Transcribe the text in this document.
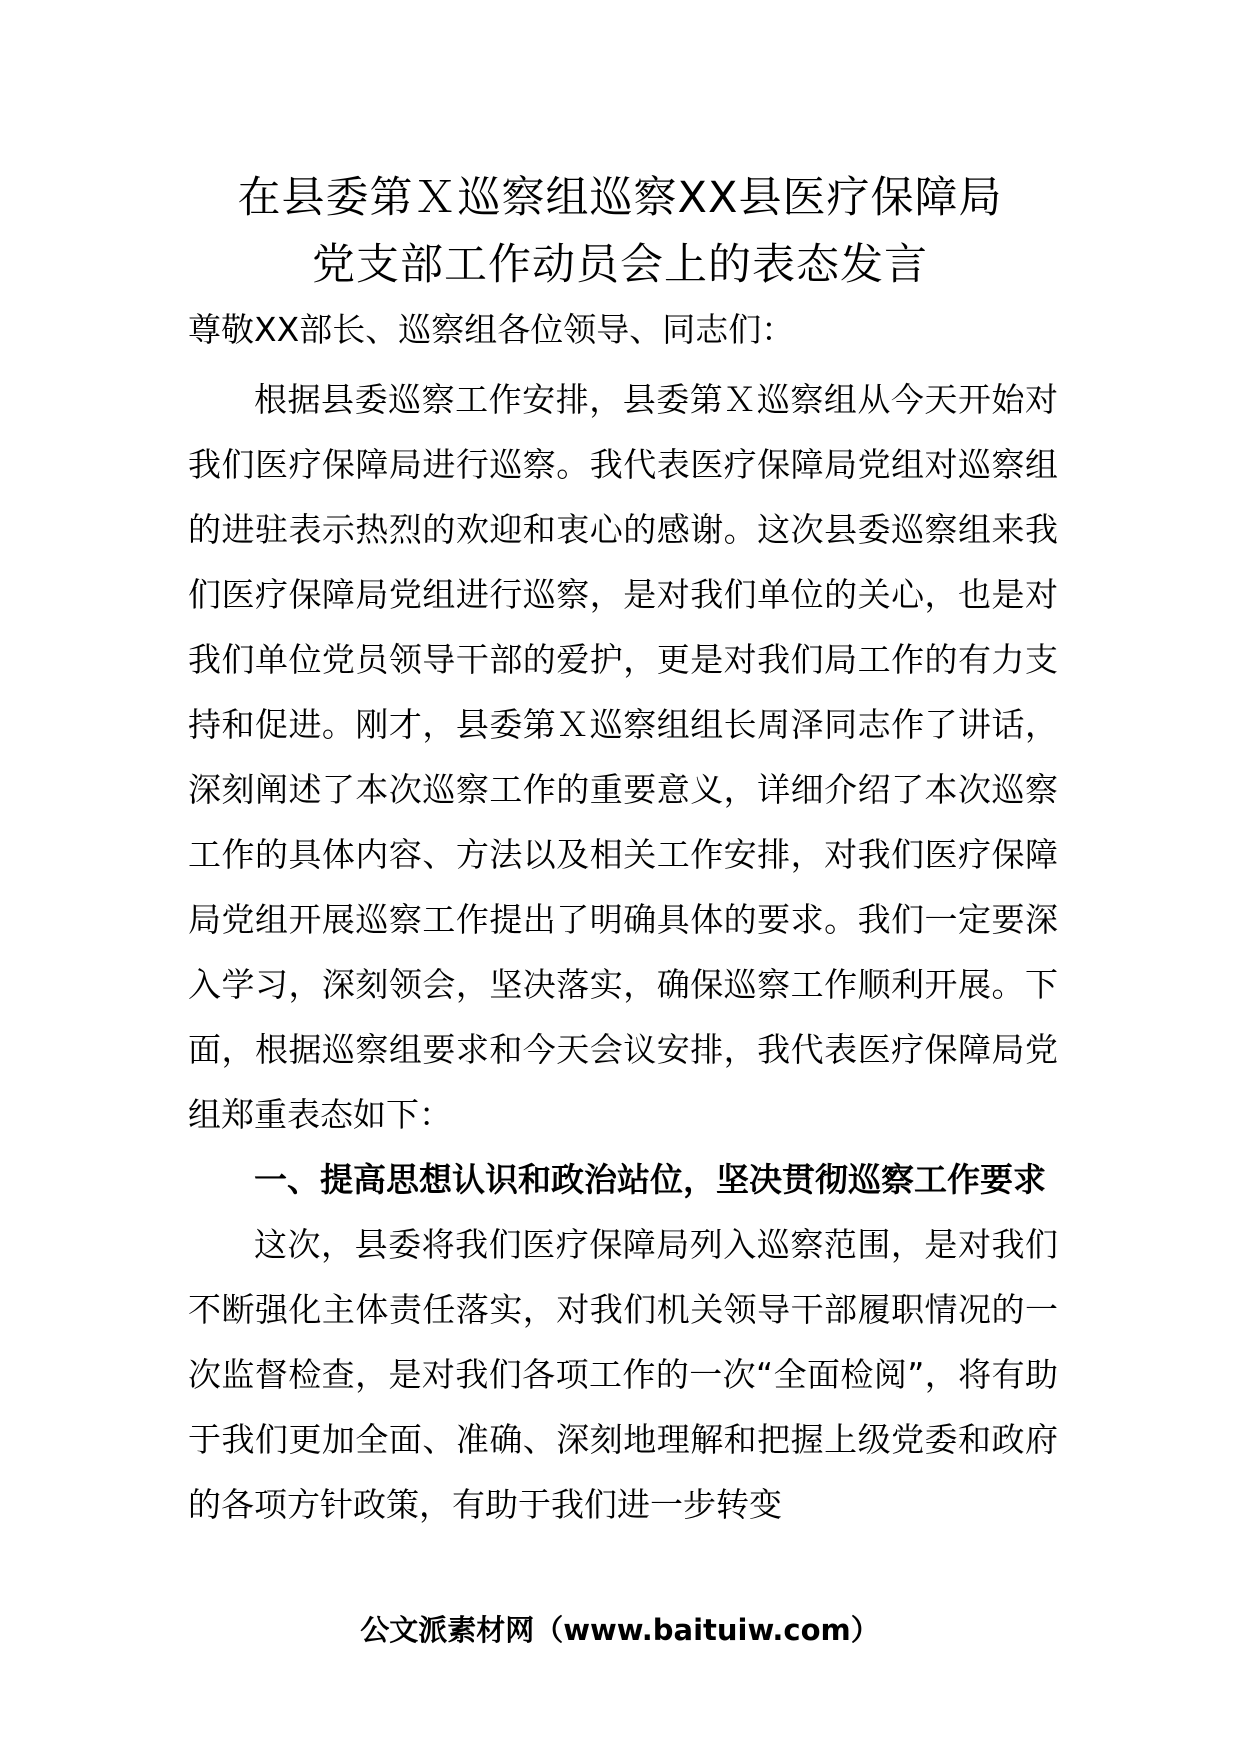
在县委第Ｘ巡察组巡察XX县医疗保障局
党支部工作动员会上的表态发言
尊敬XX部长、巡察组各位领导、同志们：

根据县委巡察工作安排，县委第Ｘ巡察组从今天开始对我们医疗保障局进行巡察。我代表医疗保障局党组对巡察组的进驻表示热烈的欢迎和衷心的感谢。这次县委巡察组来我们医疗保障局党组进行巡察，是对我们单位的关心，也是对我们单位党员领导干部的爱护，更是对我们局工作的有力支持和促进。刚才，县委第Ｘ巡察组组长周泽同志作了讲话，深刻阐述了本次巡察工作的重要意义，详细介绍了本次巡察工作的具体内容、方法以及相关工作安排，对我们医疗保障局党组开展巡察工作提出了明确具体的要求。我们一定要深入学习，深刻领会，坚决落实，确保巡察工作顺利开展。下面，根据巡察组要求和今天会议安排，我代表医疗保障局党组郑重表态如下：

一、提高思想认识和政治站位，坚决贯彻巡察工作要求

这次，县委将我们医疗保障局列入巡察范围，是对我们不断强化主体责任落实，对我们机关领导干部履职情况的一次监督检查，是对我们各项工作的一次“全面检阅”，将有助于我们更加全面、准确、深刻地理解和把握上级党委和政府的各项方针政策，有助于我们进一步转变

公文派素材网（www.baituiw.com）
